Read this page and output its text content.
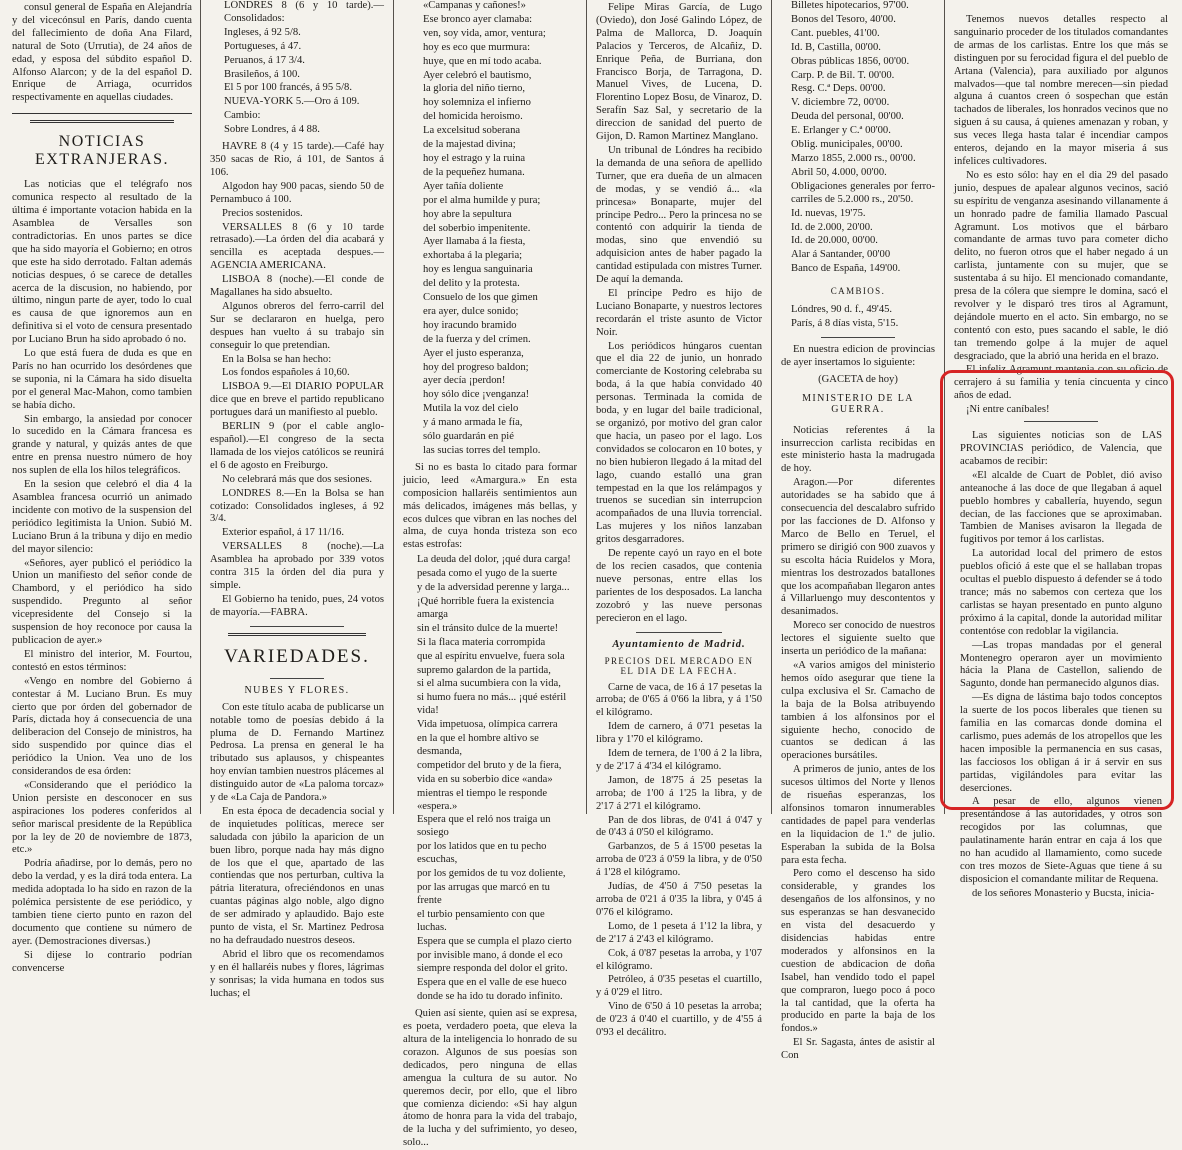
consul general de España en Alejandría y del vicecónsul en París, dando cuenta del fallecimiento de doña Ana Filard, natural de Soto (Urrutia), de 24 años de edad, y esposa del súbdito español D. Alfonso Alarcon; y de la del español D. Enrique de Arriaga, ocurridos respectivamente en aquellas ciudades.

NOTICIAS EXTRANJERAS.

Las noticias que el telégrafo nos comunica respecto al resultado de la última é importante votacion habida en la Asamblea de Versalles son contradictorias. En unos partes se dice que ha sido mayoría el Gobierno; en otros que este ha sido derrotado. Faltan además noticias despues, ó se carece de detalles acerca de la discusion, no habiendo, por último, ningun parte de ayer, todo lo cual es causa de que ignoremos aun en definitiva si el voto de censura presentado por Luciano Brun ha sido aprobado ó no.

Lo que está fuera de duda es que en París no han ocurrido los desórdenes que se suponia, ni la Cámara ha sido disuelta por el general Mac-Mahon, como tambien se había dicho.

Sin embargo, la ansiedad por conocer lo sucedido en la Cámara francesa es grande y natural, y quizás antes de que entre en prensa nuestro número de hoy nos suplen de ella los hilos telegráficos.

En la sesion que celebró el dia 4 la Asamblea francesa ocurrió un animado incidente con motivo de la suspension del periódico legitimista la Union. Subió M. Luciano Brun á la tribuna y dijo en medio del mayor silencio:

«Señores, ayer publicó el periódico la Union un manifiesto del señor conde de Chambord, y el periódico ha sido suspendido. Pregunto al señor vicepresidente del Consejo si la suspension de hoy reconoce por causa la publicacion de ayer.»

El ministro del interior, M. Fourtou, contestó en estos términos:

«Vengo en nombre del Gobierno á contestar á M. Luciano Brun. Es muy cierto que por órden del gobernador de París, dictada hoy á consecuencia de una deliberacion del Consejo de ministros, ha sido suspendido por quince dias el periódico la Union. Vea uno de los considerandos de esa órden:

«Considerando que el periódico la Union persiste en desconocer en sus aspiraciones los poderes conferidos al señor mariscal presidente de la República por la ley de 20 de noviembre de 1873, etc.»

Podría añadirse, por lo demás, pero no debo la verdad, y es la dirá toda entera. La medida adoptada lo ha sido en razon de la polémica persistente de ese periódico, y tambien tiene cierto punto en razon del documento que contiene su número de ayer. (Demostraciones diversas.)

Si dijese lo contrario podrían convencerse

LÓNDRES 8 (6 y 10 tarde).—Consolidados:

Ingleses, á 92 5/8.

Portugueses, á 47.

Peruanos, á 17 3/4.

Brasileños, á 100.

El 5 por 100 francés, á 95 5/8.

NUEVA-YORK 5.—Oro á 109.

Cambio:

Sobre Londres, á 4 88.

HAVRE 8 (4 y 15 tarde).—Café hay 350 sacas de Rio, á 101, de Santos á 106.

Algodon hay 900 pacas, siendo 50 de Pernambuco á 100.

Precios sostenidos.

VERSALLES 8 (6 y 10 tarde retrasado).—La órden del dia acabará y sencilla es aceptada despues.—AGENCIA AMERICANA.

LISBOA 8 (noche).—El conde de Magallanes ha sido absuelto.

Algunos obreros del ferro-carril del Sur se declararon en huelga, pero despues han vuelto á su trabajo sin conseguir lo que pretendian.

En la Bolsa se han hecho:

Los fondos españoles á 10,60.

LISBOA 9.—El DIARIO POPULAR dice que en breve el partido republicano portugues dará un manifiesto al pueblo.

BERLIN 9 (por el cable anglo-español).—El congreso de la secta llamada de los viejos católicos se reunirá el 6 de agosto en Freiburgo.

No celebrará más que dos sesiones.

LONDRES 8.—En la Bolsa se han cotizado: Consolidados ingleses, á 92 3/4.

Exterior español, á 17 11/16.

VERSALLES 8 (noche).—La Asamblea ha aprobado por 339 votos contra 315 la órden del dia pura y simple.

El Gobierno ha tenido, pues, 24 votos de mayoría.—FABRA.

VARIEDADES.
NUBES Y FLORES.

Con este título acaba de publicarse un notable tomo de poesías debido á la pluma de D. Fernando Martinez Pedrosa. La prensa en general le ha tributado sus aplausos, y chispeantes hoy envían tambien nuestros plácemes al distinguido autor de «La paloma torcaz» y de «La Caja de Pandora.»

En esta época de decadencia social y de inquietudes políticas, merece ser saludada con júbilo la aparicion de un buen libro, porque nada hay más digno de los que el que, apartado de las contiendas que nos perturban, cultiva la pátria literatura, ofreciéndonos en unas cuantas páginas algo noble, algo digno de ser admirado y aplaudido. Bajo este punto de vista, el Sr. Martinez Pedrosa no ha defraudado nuestros deseos.

Abrid el libro que os recomendamos y en él hallaréis nubes y flores, lágrimas y sonrisas; la vida humana en todos sus luchas; el

«Campanas y cañones!»

Ese bronco ayer clamaba:

ven, soy vida, amor, ventura;

hoy es eco que murmura:

huye, que en mí todo acaba.

Ayer celebró el bautismo,

la gloria del niño tierno,

hoy solemniza el infierno

del homicida heroismo.

La excelsitud soberana

de la majestad divina;

hoy el estrago y la ruina

de la pequeñez humana.

Ayer tañía doliente

por el alma humilde y pura;

hoy abre la sepultura

del soberbio impenitente.

Ayer llamaba á la fiesta,

exhortaba á la plegaria;

hoy es lengua sanguinaria

del delito y la protesta.

Consuelo de los que gimen

era ayer, dulce sonido;

hoy iracundo bramido

de la fuerza y del crímen.

Ayer el justo esperanza,

hoy del progreso baldon;

ayer decía ¡perdon!

hoy sólo dice ¡venganza!

Mutila la voz del cielo

y á mano armada le fía,

sólo guardarán en pié

las sucias torres del templo.

Si no es basta lo citado para formar juicio, leed «Amargura.» En esta composicion hallaréis sentimientos aun más delicados, imágenes más bellas, y ecos dulces que vibran en las noches del alma, de cuya honda tristeza son eco estas estrofas:

La deuda del dolor, ¡qué dura carga!

pesada como el yugo de la suerte

y de la adversidad perenne y larga...

¡Qué horrible fuera la existencia amarga

sin el tránsito dulce de la muerte!

Si la flaca materia corrompida

que al espíritu envuelve, fuera sola

supremo galardon de la partida,

si el alma sucumbiera con la vida,

si humo fuera no más... ¡qué estéril vida!

Vida impetuosa, olímpica carrera

en la que el hombre altivo se desmanda,

competidor del bruto y de la fiera,

vida en su soberbio dice «anda»

mientras el tiempo le responde «espera.»

Espera que el reló nos traiga un sosiego

por los latidos que en tu pecho escuchas,

por los gemidos de tu voz doliente,

por las arrugas que marcó en tu frente

el turbio pensamiento con que luchas.

Espera que se cumpla el plazo cierto

por invisible mano, á donde el eco

siempre responda del dolor el grito.

Espera que en el valle de ese hueco

donde se ha ido tu dorado infinito.

Quien así siente, quien así se expresa, es poeta, verdadero poeta, que eleva la altura de la inteligencia lo honrado de su corazon. Algunos de sus poesías son dedicados, pero ninguna de ellas amengua la cultura de su autor. No queremos decir, por ello, que el libro que comienza diciendo: «Si hay algun átomo de honra para la vida del trabajo, de la lucha y del sufrimiento, yo deseo, solo...

Felipe Miras García, de Lugo (Oviedo), don José Galindo López, de Palma de Mallorca, D. Joaquín Palacios y Terceros, de Alcañiz, D. Enrique Peña, de Burriana, don Francisco Borja, de Tarragona, D. Manuel Vives, de Lucena, D. Florentino Lopez Bosu, de Vinaroz, D. Serafín Saz Sal, y secretario de la direccion de sanidad del puerto de Gijon, D. Ramon Martinez Manglano.

Un tribunal de Lóndres ha recibido la demanda de una señora de apellido Turner, que era dueña de un almacen de modas, y se vendió á... «la princesa» Bonaparte, mujer del príncipe Pedro... Pero la princesa no se contentó con adquirir la tienda de modas, sino que envendió su adquisicion antes de haber pagado la cantidad estipulada con mistres Turner. De aquí la demanda.

El príncipe Pedro es hijo de Luciano Bonaparte, y nuestros lectores recordarán el triste asunto de Victor Noir.

Los periódicos húngaros cuentan que el dia 22 de junio, un honrado comerciante de Kostoring celebraba su boda, á la que había convidado 40 personas. Terminada la comida de boda, y en lugar del baile tradicional, se organizó, por motivo del gran calor que hacia, un paseo por el lago. Los convidados se colocaron en 10 botes, y no bien hubieron llegado á la mitad del lago, cuando estalló una gran tempestad en la que los relámpagos y truenos se sucedian sin interrupcion acompañados de una lluvia torrencial. Las mujeres y los niños lanzaban gritos desgarradores.

De repente cayó un rayo en el bote de los recien casados, que contenia nueve personas, entre ellas los parientes de los desposados. La lancha zozobró y las nueve personas perecieron en el lago.

Ayuntamiento de Madrid.
PRECIOS DEL MERCADO EN EL DIA DE LA FECHA.

Carne de vaca, de 16 á 17 pesetas la arroba; de 0'65 á 0'66 la libra, y á 1'50 el kilógramo.

Idem de carnero, á 0'71 pesetas la libra y 1'70 el kilógramo.

Idem de ternera, de 1'00 á 2 la libra, y de 2'17 á 4'34 el kilógramo.

Jamon, de 18'75 á 25 pesetas la arroba; de 1'00 á 1'25 la libra, y de 2'17 á 2'71 el kilógramo.

Pan de dos libras, de 0'41 á 0'47 y de 0'43 á 0'50 el kilógramo.

Garbanzos, de 5 á 15'00 pesetas la arroba de 0'23 á 0'59 la libra, y de 0'50 á 1'28 el kilógramo.

Judías, de 4'50 á 7'50 pesetas la arroba de 0'21 á 0'35 la libra, y 0'45 á 0'76 el kilógramo.

Lomo, de 1 peseta á 1'12 la libra, y de 2'17 á 2'43 el kilógramo.

Cok, á 0'87 pesetas la arroba, y 1'07 el kilógramo.

Petróleo, á 0'35 pesetas el cuartillo, y á 0'29 el litro.

Vino de 6'50 á 10 pesetas la arroba; de 0'23 á 0'40 el cuartillo, y de 4'55 á 0'93 el decálitro.

Billetes hipotecarios, 97'00.

Bonos del Tesoro, 40'00.

Cant. puebles, 41'00.

Id. B, Castilla, 00'00.

Obras públicas 1856, 00'00.

Carp. P. de Bil. T. 00'00.

Resg. C.ª Deps. 00'00.

V. diciembre 72, 00'00.

Deuda del personal, 00'00.

E. Erlanger y C.ª 00'00.

Oblig. municipales, 00'00.

Marzo 1855, 2.000 rs., 00'00.

Abril 50, 4.000, 00'00.

Obligaciones generales por ferro-carriles de 5.2.000 rs., 20'50.

Id. nuevas, 19'75.

Id. de 2.000, 20'00.

Id. de 20.000, 00'00.

Alar á Santander, 00'00

Banco de España, 149'00.

CAMBIOS.

Lóndres, 90 d. f., 49'45.

París, á 8 días vista, 5'15.

En nuestra edicion de provincias de ayer insertamos lo siguiente:

(GACETA de hoy)

MINISTERIO DE LA GUERRA.

Noticias referentes á la insurreccion carlista recibidas en este ministerio hasta la madrugada de hoy.

Aragon.—Por diferentes autoridades se ha sabido que á consecuencia del descalabro sufrido por las facciones de D. Alfonso y Marco de Bello en Teruel, el primero se dirigió con 900 zuavos y su escolta hácia Ruidelos y Mora, mientras los destrozados batallones que los acompañaban llegaron antes á Villarluengo muy descontentos y desanimados.

Moreco ser conocido de nuestros lectores el siguiente suelto que inserta un periódico de la mañana:

«A varios amigos del ministerio hemos oído asegurar que tiene la culpa exclusiva el Sr. Camacho de la baja de la Bolsa atribuyendo tambien á los alfonsinos por el siguiente hecho, conocido de cuantos se dedican á las operaciones bursátiles.

A primeros de junio, antes de los sucesos últimos del Norte y llenos de risueñas esperanzas, los alfonsinos tomaron innumerables cantidades de papel para venderlas en la liquidacion de 1.º de julio. Esperaban la subida de la Bolsa para esta fecha.

Pero como el descenso ha sido considerable, y grandes los desengaños de los alfonsinos, y no sus esperanzas se han desvanecido en vista del desacuerdo y disidencias habidas entre moderados y alfonsinos en la cuestion de abdicacion de doña Isabel, han vendido todo el papel que compraron, luego poco á poco la tal cantidad, que la oferta ha producido en parte la baja de los fondos.»

El Sr. Sagasta, ántes de asistir al Con

Tenemos nuevos detalles respecto al sanguinario proceder de los titulados comandantes de armas de los carlistas. Entre los que más se distinguen por su ferocidad figura el del pueblo de Artana (Valencia), para auxiliado por algunos malvados—que tal nombre merecen—sin piedad alguna á cuantos creen ó sospechan que están tachados de liberales, los honrados vecinos que no siguen á su causa, á quienes amenazan y roban, y sus veces llega hasta talar é incendiar campos enteros, dejando en la mayor miseria á sus infelices cultivadores.

No es esto sólo: hay en el dia 29 del pasado junio, despues de apalear algunos vecinos, sació su espíritu de venganza asesinando villanamente á un honrado padre de familia llamado Pascual Agramunt. Los motivos que el bárbaro comandante de armas tuvo para cometer dicho delito, no fueron otros que el haber negado á un carlista, juntamente con su mujer, que se sustentaba á su hijo. El mencionado comandante, presa de la cólera que siempre le domina, sacó el revolver y le disparó tres tiros al Agramunt, dejándole muerto en el acto. Sin embargo, no se contentó con esto, pues sacando el sable, le dió tan tremendo golpe á la mujer de aquel desgraciado, que la abrió una herida en el brazo.

El infeliz Agramunt mantenia con su oficio de cerrajero á su familia y tenía cincuenta y cinco años de edad.

¡Ni entre caníbales!

Las siguientes noticias son de LAS PROVINCIAS periódico, de Valencia, que acabamos de recibir:

«El alcalde de Cuart de Poblet, dió aviso anteanoche á las doce de que llegaban á aquel pueblo hombres y caballería, huyendo, segun decian, de las facciones que se aproximaban. Tambien de Manises avisaron la llegada de fugitivos por temor á los carlistas.

La autoridad local del primero de estos pueblos ofició á este que el se hallaban tropas ocultas el pueblo dispuesto á defender se á todo trance; más no sabemos con certeza que los carlistas se hayan presentado en punto alguno próximo á la capital, donde la autoridad militar contentóse con redoblar la vigilancia.

—Las tropas mandadas por el general Montenegro operaron ayer un movimiento hácia la Plana de Castellon, saliendo de Sagunto, donde han permanecido algunos dias.

—Es digna de lástima bajo todos conceptos la suerte de los pocos liberales que tienen su familia en las comarcas donde domina el carlismo, pues además de los atropellos que les hacen imposible la permanencia en sus casas, las facciosos los obligan á ir á servir en sus partidas, vigilándoles para evitar las deserciones.

A pesar de ello, algunos vienen presentándose á las autoridades, y otros son recogidos por las columnas, que paulatinamente harán entrar en caja á los que no han acudido al llamamiento, como sucede con tres mozos de Siete-Aguas que tiene á su disposicion el comandante militar de Requena.

de los señores Monasterio y Bucsta, inicia-
